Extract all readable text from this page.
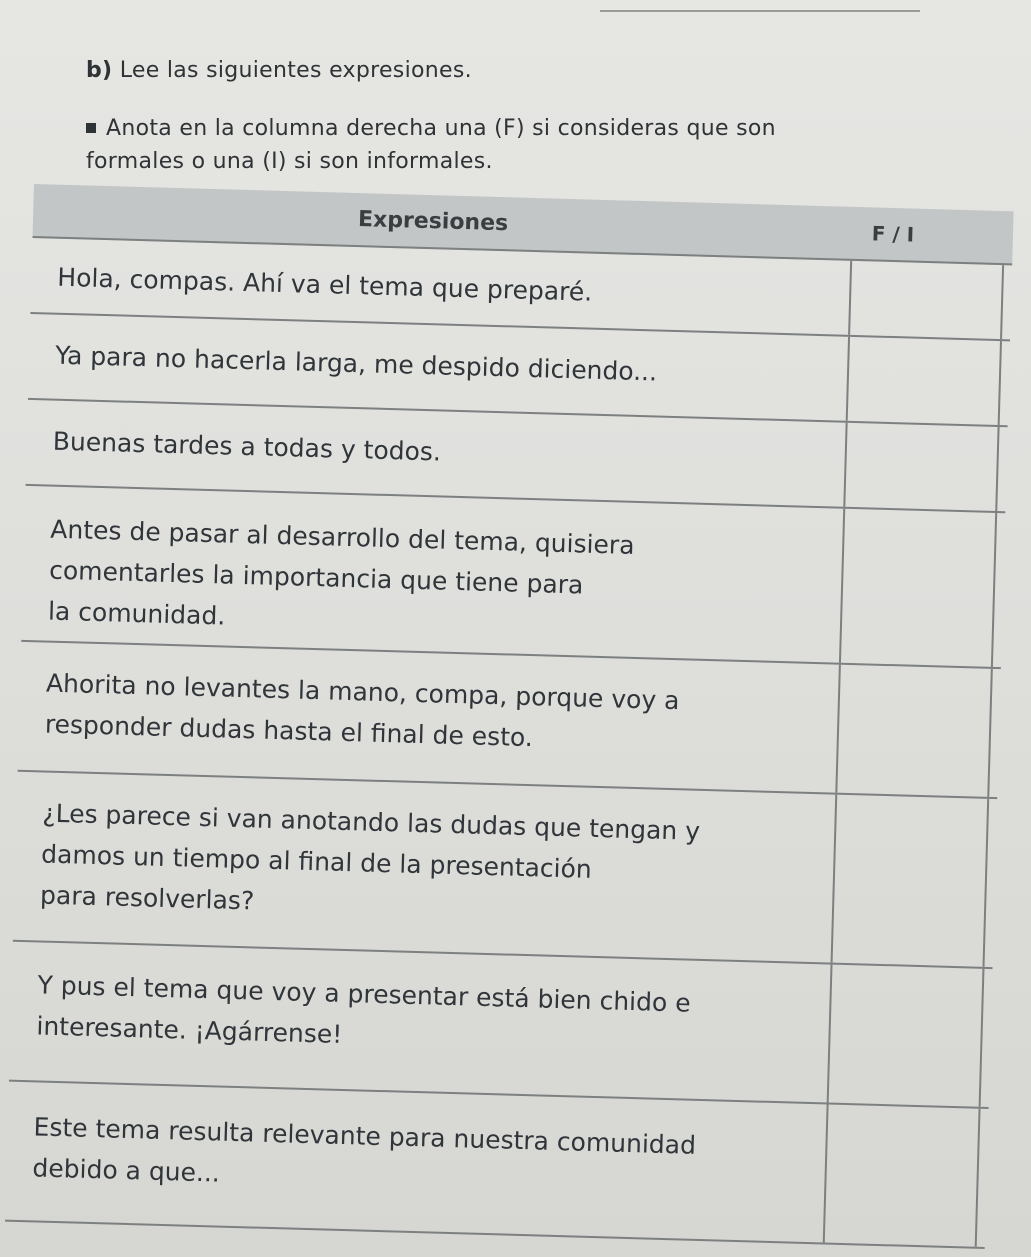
b) Lee las siguientes expresiones.
Anota en la columna derecha una (F) si consideras que son
formales o una (I) si son informales.
Expresiones	F / I
Hola, compas. Ahí va el tema que preparé.
Ya para no hacerla larga, me despido diciendo...
Buenas tardes a todas y todos.
Antes de pasar al desarrollo del tema, quisiera
comentarles la importancia que tiene para
la comunidad.
Ahorita no levantes la mano, compa, porque voy a
responder dudas hasta el final de esto.
¿Les parece si van anotando las dudas que tengan y
damos un tiempo al final de la presentación
para resolverlas?
Y pus el tema que voy a presentar está bien chido e
interesante. ¡Agárrense!
Este tema resulta relevante para nuestra comunidad
debido a que...
